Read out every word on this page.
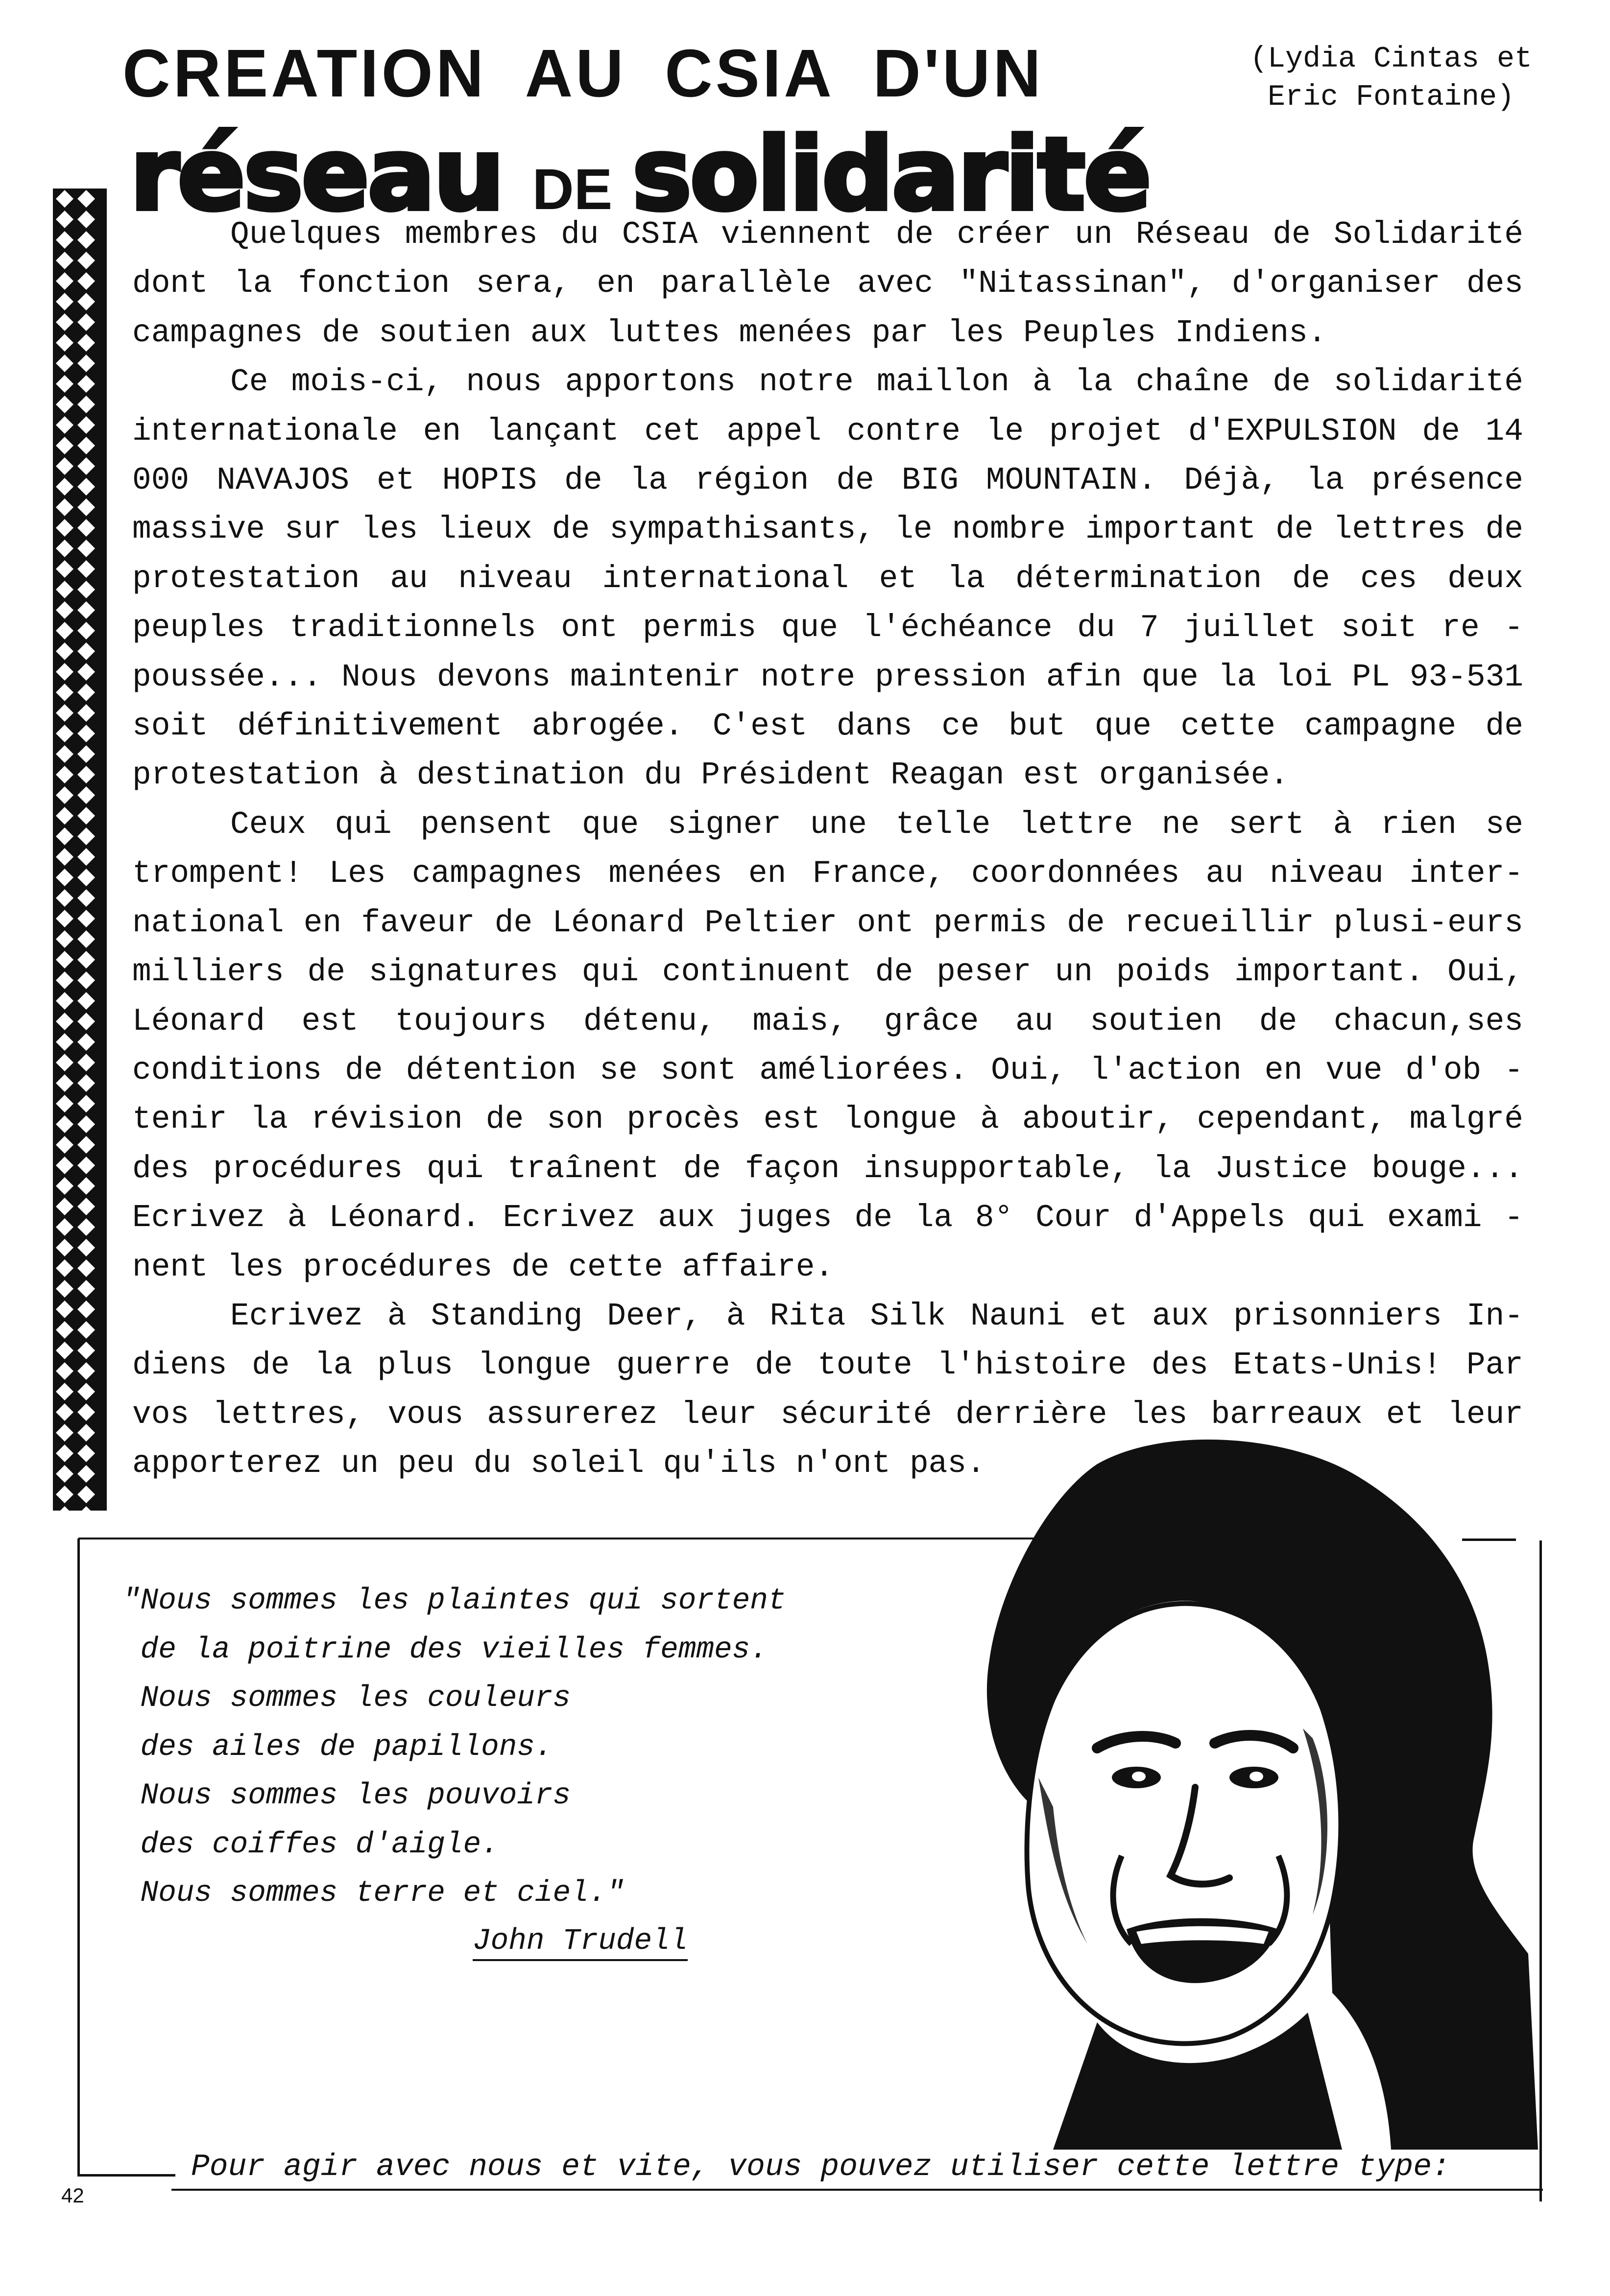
CREATION AU CSIA D'UN	(Lydia Cintas et
Eric Fontaine)
réseau DE solidarité

Quelques membres du CSIA viennent de créer un Réseau de Solidarité dont la fonction sera, en parallèle avec "Nitassinan", d'organiser des campagnes de soutien aux luttes menées par les Peuples Indiens.

Ce mois-ci, nous apportons notre maillon à la chaîne de solidarité internationale en lançant cet appel contre le projet d'EXPULSION de 14 000 NAVAJOS et HOPIS de la région de BIG MOUNTAIN. Déjà, la présence massive sur les lieux de sympathisants, le nombre important de lettres de protestation au niveau international et la détermination de ces deux peuples traditionnels ont permis que l'échéance du 7 juillet soit re - poussée... Nous devons maintenir notre pression afin que la loi PL 93-531 soit définitivement abrogée. C'est dans ce but que cette campagne de protestation à destination du Président Reagan est organisée.

Ceux qui pensent que signer une telle lettre ne sert à rien se trompent! Les campagnes menées en France, coordonnées au niveau inter-national en faveur de Léonard Peltier ont permis de recueillir plusi-eurs milliers de signatures qui continuent de peser un poids important. Oui, Léonard est toujours détenu, mais, grâce au soutien de chacun,ses conditions de détention se sont améliorées. Oui, l'action en vue d'ob - tenir la révision de son procès est longue à aboutir, cependant, malgré des procédures qui traînent de façon insupportable, la Justice bouge... Ecrivez à Léonard. Ecrivez aux juges de la 8° Cour d'Appels qui exami - nent les procédures de cette affaire.

Ecrivez à Standing Deer, à Rita Silk Nauni et aux prisonniers In-diens de la plus longue guerre de toute l'histoire des Etats-Unis! Par vos lettres, vous assurerez leur sécurité derrière les barreaux et leur apporterez un peu du soleil qu'ils n'ont pas.

"Nous sommes les plaintes qui sortent
de la poitrine des vieilles femmes.
Nous sommes les couleurs
des ailes de papillons.
Nous sommes les pouvoirs
des coiffes d'aigle.
Nous sommes terre et ciel."
John Trudell
Pour agir avec nous et vite, vous pouvez utiliser cette lettre type:
42
